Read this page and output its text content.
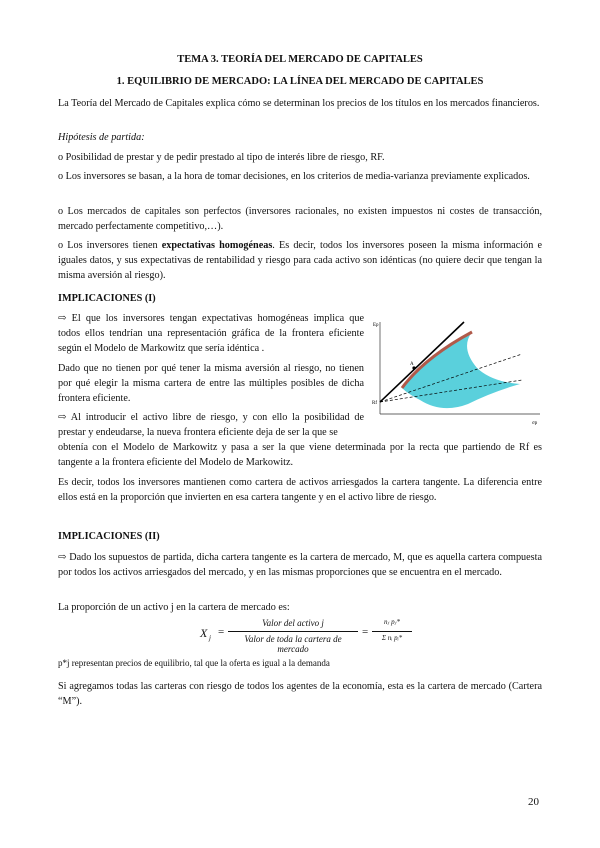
TEMA 3. TEORÍA DEL MERCADO DE CAPITALES
1. EQUILIBRIO DE MERCADO: LA LÍNEA DEL MERCADO DE CAPITALES
La Teoría del Mercado de Capitales explica cómo se determinan los precios de los títulos en los mercados financieros.
Hipótesis de partida:
o Posibilidad de prestar y de pedir prestado al tipo de interés libre de riesgo, RF.
o Los inversores se basan, a la hora de tomar decisiones, en los criterios de media-varianza previamente explicados.
o Los mercados de capitales son perfectos (inversores racionales, no existen impuestos ni costes de transacción, mercado perfectamente competitivo,…).
o Los inversores tienen expectativas homogéneas. Es decir, todos los inversores poseen la misma información e iguales datos, y sus expectativas de rentabilidad y riesgo para cada activo son idénticas (no quiere decir que tengan la misma aversión al riesgo).
IMPLICACIONES (I)
⇨ El que los inversores tengan expectativas homogéneas implica que todos ellos tendrían una representación gráfica de la frontera eficiente según el Modelo de Markowitz que sería idéntica .
Dado que no tienen por qué tener la misma aversión al riesgo, no tienen por qué elegir la misma cartera de entre las múltiples posibles de dicha frontera eficiente.
⇨ Al introducir el activo libre de riesgo, y con ello la posibilidad de prestar y endeudarse, la nueva frontera eficiente deja de ser la que se
obtenía con el Modelo de Markowitz y pasa a ser la que viene determinada por la recta que partiendo de Rf es tangente a la frontera eficiente del Modelo de Markowitz.
Es decir, todos los inversores mantienen como cartera de activos arriesgados la cartera tangente. La diferencia entre ellos está en la proporción que invierten en esa cartera tangente y en el activo libre de riesgo.
Ep
σp
Rf
A
IMPLICACIONES (II)
⇨ Dado los supuestos de partida, dicha cartera tangente es la cartera de mercado, M, que es aquella cartera compuesta por todos los activos arriesgados del mercado, y en las mismas proporciones que se encuentra en el mercado.
La proporción de un activo j en la cartera de mercado es:
X j =
Valor del activo j
Valor de toda la cartera de mercado
=
nⱼ pⱼ*
Σ nᵢ pᵢ*
p*j representan precios de equilibrio, tal que la oferta es igual a la demanda
Si agregamos todas las carteras con riesgo de todos los agentes de la economía, esta es la cartera de mercado (Cartera “M”).
20
